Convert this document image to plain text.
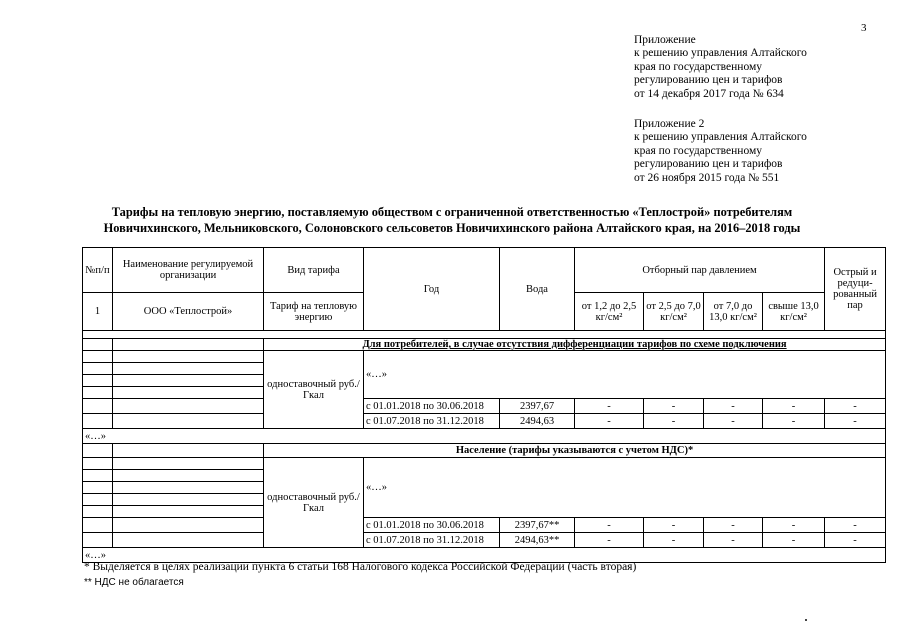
3
Приложение
к решению управления Алтайского
края по государственному
регулированию цен и тарифов
от 14 декабря 2017 года № 634
Приложение 2
к решению управления Алтайского
края по государственному
регулированию цен и тарифов
от 26 ноября 2015 года № 551
Тарифы на тепловую энергию, поставляемую обществом с ограниченной ответственностью «Теплострой» потребителям
Новичихинского, Мельниковского, Солоновского сельсоветов Новичихинского района Алтайского края, на 2016–2018 годы
№п/п	Наименование регулируемой организации	Вид тарифа	Год	Вода	Отборный пар давлением				Острый и редуци-рованный пар
1	ООО «Теплострой»	Тариф на тепловую энергию			от 1,2 до 2,5 кг/см²	от 2,5 до 7,0 кг/см²	от 7,0 до 13,0 кг/см²	свыше 13,0 кг/см²	

		Для потребителей, в случае отсутствия дифференциации тарифов по схеме подключения							
		одноставочный руб./Гкал	«…»						

			с 01.01.2018 по 30.06.2018	2397,67	-	-	-	-	-
			с 01.07.2018 по 31.12.2018	2494,63	-	-	-	-	-
«…»									
		Население (тарифы указываются с учетом НДС)*							
		одноставочный руб./Гкал	«…»						

			с 01.01.2018 по 30.06.2018	2397,67**	-	-	-	-	-
			с 01.07.2018 по 31.12.2018	2494,63**	-	-	-	-	-
«…»									
* Выделяется в целях реализации пункта 6 статьи 168 Налогового кодекса Российской Федерации (часть вторая)
** НДС не облагается
